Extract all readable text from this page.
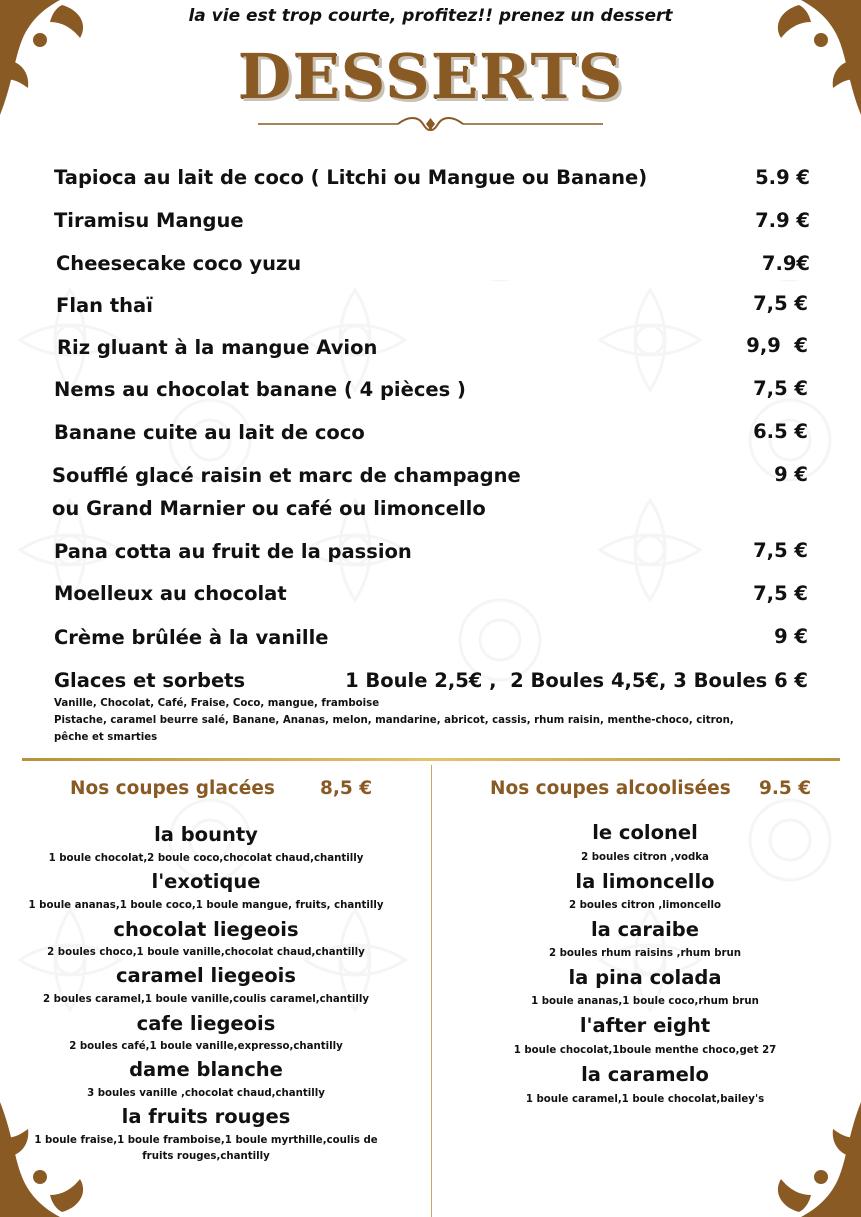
la vie est trop courte, profitez!! prenez un dessert
DESSERTS
Tapioca au lait de coco ( Litchi ou Mangue ou Banane)	5.9 €
Tiramisu Mangue	7.9 €
Cheesecake coco yuzu	7.9€
Flan thaï	7,5 €
Riz gluant à la mangue Avion	9,9  €
Nems au chocolat banane ( 4 pièces )	7,5 €
Banane cuite au lait de coco	6.5 €
Soufflé glacé raisin et marc de champagne
ou Grand Marnier ou café ou limoncello
9 €
Pana cotta au fruit de la passion	7,5 €
Moelleux au chocolat	7,5 €
Crème brûlée à la vanille	9 €
Glaces et sorbets	1 Boule 2,5€ ,  2 Boules 4,5€, 3 Boules 6 €
Vanille, Chocolat, Café, Fraise, Coco, mangue, framboise
Pistache, caramel beurre salé, Banane, Ananas, melon, mandarine, abricot, cassis, rhum raisin, menthe-choco, citron,
pêche et smarties
Nos coupes glacées 8,5 €
la bounty
1 boule chocolat,2 boule coco,chocolat chaud,chantilly
l'exotique
1 boule ananas,1 boule coco,1 boule mangue, fruits, chantilly
chocolat liegeois
2 boules choco,1 boule vanille,chocolat chaud,chantilly
caramel liegeois
2 boules caramel,1 boule vanille,coulis caramel,chantilly
cafe liegeois
2 boules café,1 boule vanille,expresso,chantilly
dame blanche
3 boules vanille ,chocolat chaud,chantilly
la fruits rouges
1 boule fraise,1 boule framboise,1 boule myrthille,coulis de
fruits rouges,chantilly
Nos coupes alcoolisées 9.5 €
le colonel
2 boules citron ,vodka
la limoncello
2 boules citron ,limoncello
la caraibe
2 boules rhum raisins ,rhum brun
la pina colada
1 boule ananas,1 boule coco,rhum brun
l'after eight
1 boule chocolat,1boule menthe choco,get 27
la caramelo
1 boule caramel,1 boule chocolat,bailey's
